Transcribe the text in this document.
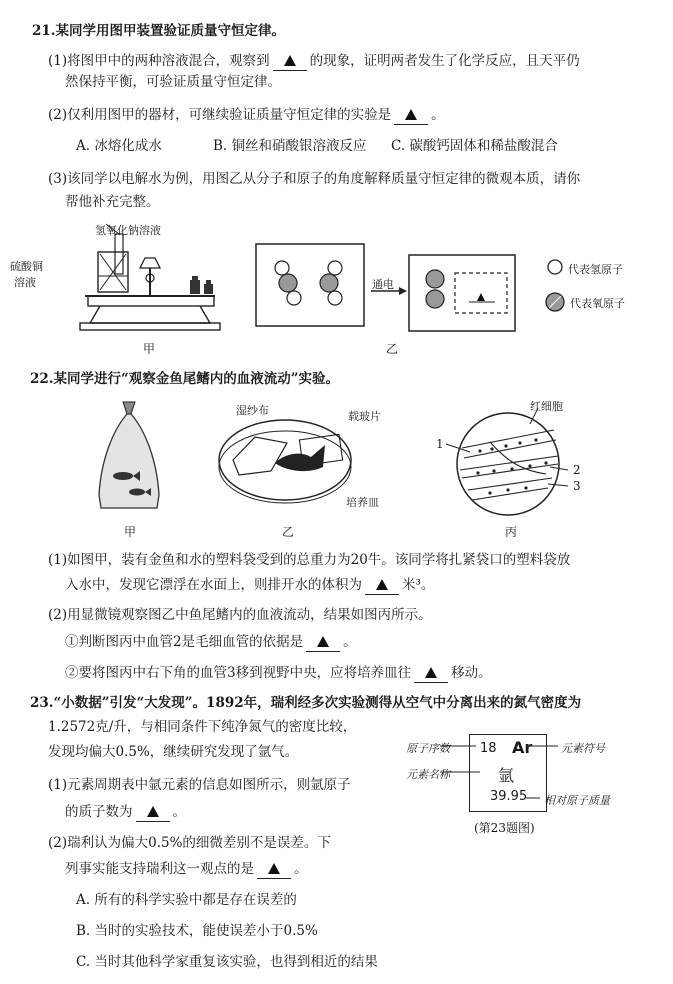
21.某同学用图甲装置验证质量守恒定律。
(1)将图甲中的两种溶液混合，观察到	的现象，证明两者发生了化学反应，且天平仍
然保持平衡，可验证质量守恒定律。
(2)仅利用图甲的器材，可继续验证质量守恒定律的实验是	。
A. 冰熔化成水	B. 铜丝和硝酸银溶液反应 C. 碳酸钙固体和稀盐酸混合
(3)该同学以电解水为例，用图乙从分子和原子的角度解释质量守恒定律的微观本质，请你
帮他补充完整。
氢氧化钠溶液
硫酸铜
溶液
甲
通电
乙
代表氢原子
代表氧原子
22.某同学进行“观察金鱼尾鳍内的血液流动”实验。
甲
湿纱布	载玻片
培养皿
乙
红细胞
1
2
3
丙
(1)如图甲，装有金鱼和水的塑料袋受到的总重力为20牛。该同学将扎紧袋口的塑料袋放
入水中，发现它漂浮在水面上，则排开水的体积为	米³。
(2)用显微镜观察图乙中鱼尾鳍内的血液流动，结果如图丙所示。
①判断图丙中血管2是毛细血管的依据是	。
②要将图丙中右下角的血管3移到视野中央，应将培养皿往	移动。
23.“小数据”引发“大发现”。1892年，瑞利经多次实验测得从空气中分离出来的氮气密度为
1.2572克/升，与相同条件下纯净氮气的密度比较，
发现均偏大0.5%，继续研究发现了氩气。
(1)元素周期表中氩元素的信息如图所示，则氩原子
的质子数为	。
(2)瑞利认为偏大0.5%的细微差别不是误差。下
列事实能支持瑞利这一观点的是	。
A. 所有的科学实验中都是存在误差的
B. 当时的实验技术，能使误差小于0.5%
C. 当时其他科学家重复该实验，也得到相近的结果
18 Ar
氩
39.95
原子序数
元素名称
元素符号
相对原子质量
(第23题图)
